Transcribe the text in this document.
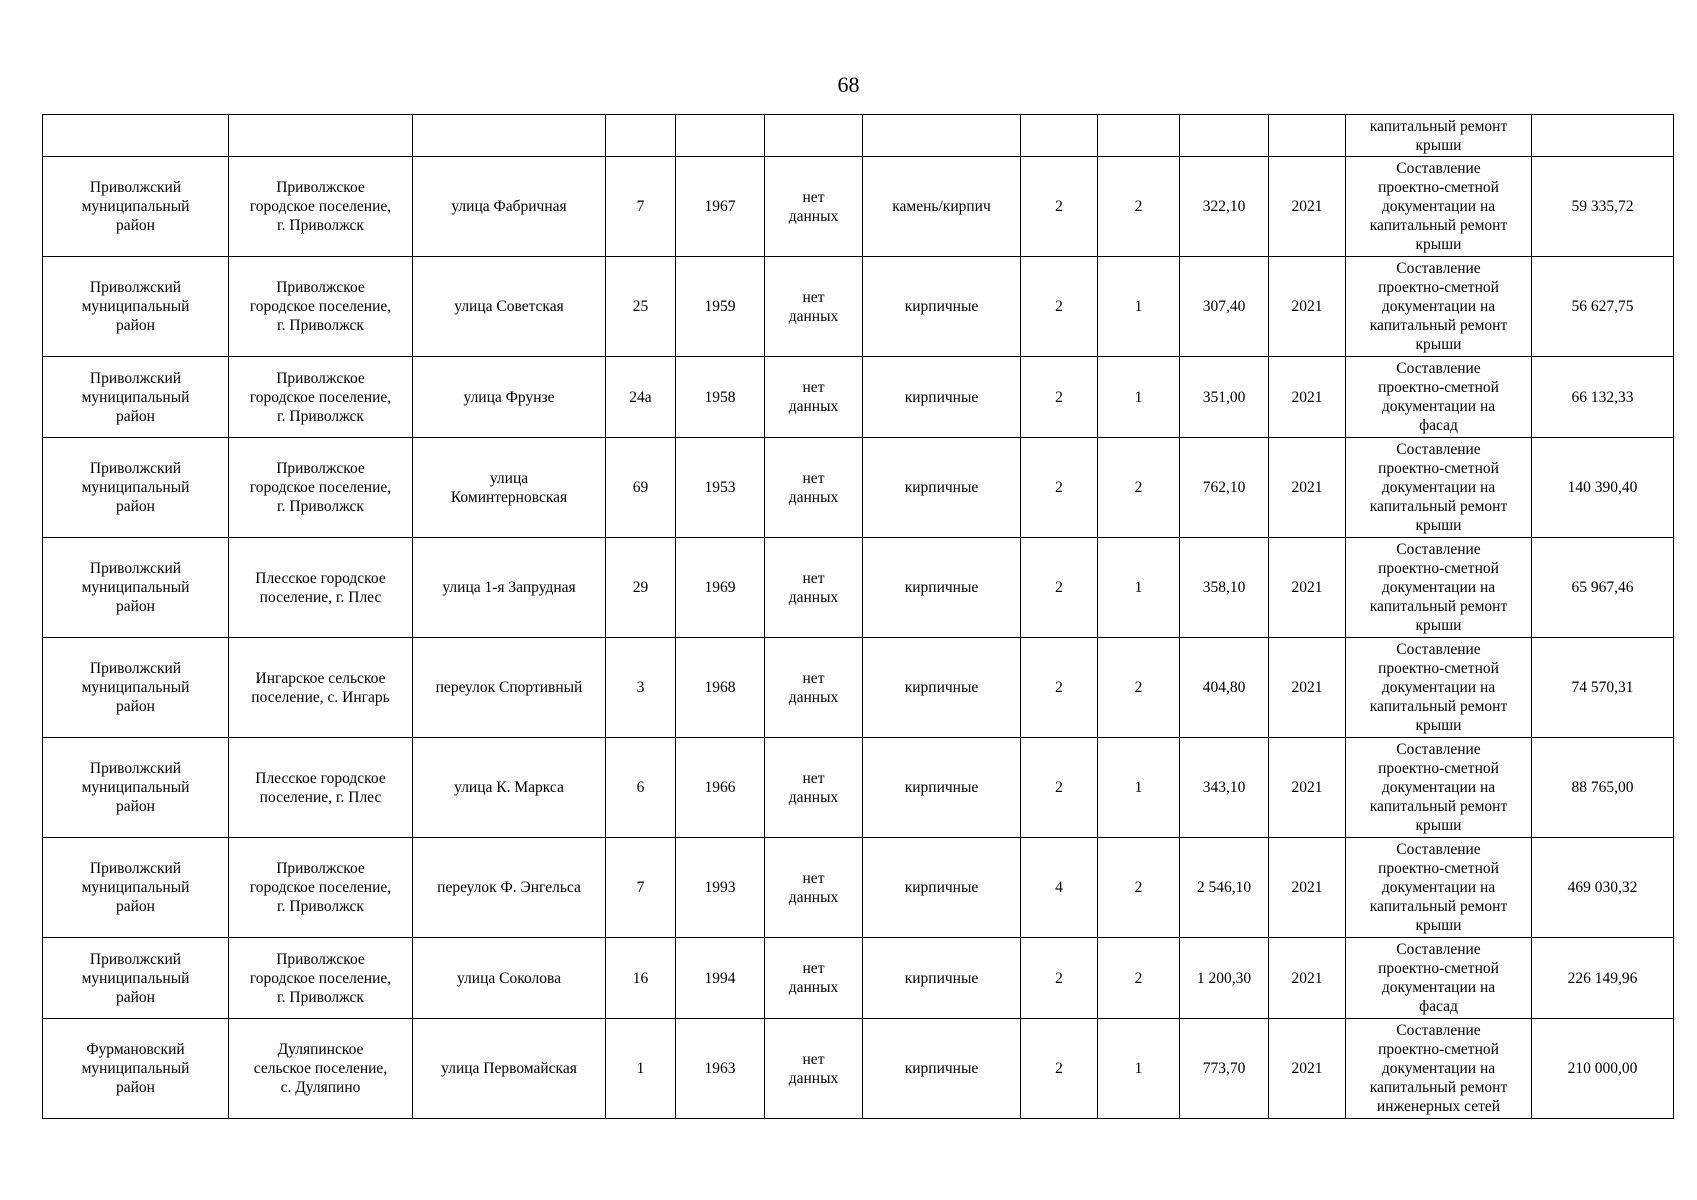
68
											капитальный ремонт
крыши	
Приволжский
муниципальный
район	Приволжское
городское поселение,
г. Приволжск	улица Фабричная	7	1967	нет
данных	камень/кирпич	2	2	322,10	2021	Составление
проектно-сметной
документации на
капитальный ремонт
крыши	59 335,72
Приволжский
муниципальный
район	Приволжское
городское поселение,
г. Приволжск	улица Советская	25	1959	нет
данных	кирпичные	2	1	307,40	2021	Составление
проектно-сметной
документации на
капитальный ремонт
крыши	56 627,75
Приволжский
муниципальный
район	Приволжское
городское поселение,
г. Приволжск	улица Фрунзе	24а	1958	нет
данных	кирпичные	2	1	351,00	2021	Составление
проектно-сметной
документации на
фасад	66 132,33
Приволжский
муниципальный
район	Приволжское
городское поселение,
г. Приволжск	улица
Коминтерновская	69	1953	нет
данных	кирпичные	2	2	762,10	2021	Составление
проектно-сметной
документации на
капитальный ремонт
крыши	140 390,40
Приволжский
муниципальный
район	Плесское городское
поселение, г. Плес	улица 1-я Запрудная	29	1969	нет
данных	кирпичные	2	1	358,10	2021	Составление
проектно-сметной
документации на
капитальный ремонт
крыши	65 967,46
Приволжский
муниципальный
район	Ингарское сельское
поселение, с. Ингарь	переулок Спортивный	3	1968	нет
данных	кирпичные	2	2	404,80	2021	Составление
проектно-сметной
документации на
капитальный ремонт
крыши	74 570,31
Приволжский
муниципальный
район	Плесское городское
поселение, г. Плес	улица К. Маркса	6	1966	нет
данных	кирпичные	2	1	343,10	2021	Составление
проектно-сметной
документации на
капитальный ремонт
крыши	88 765,00
Приволжский
муниципальный
район	Приволжское
городское поселение,
г. Приволжск	переулок Ф. Энгельса	7	1993	нет
данных	кирпичные	4	2	2 546,10	2021	Составление
проектно-сметной
документации на
капитальный ремонт
крыши	469 030,32
Приволжский
муниципальный
район	Приволжское
городское поселение,
г. Приволжск	улица Соколова	16	1994	нет
данных	кирпичные	2	2	1 200,30	2021	Составление
проектно-сметной
документации на
фасад	226 149,96
Фурмановский
муниципальный
район	Дуляпинское
сельское поселение,
с. Дуляпино	улица Первомайская	1	1963	нет
данных	кирпичные	2	1	773,70	2021	Составление
проектно-сметной
документации на
капитальный ремонт
инженерных сетей	210 000,00
